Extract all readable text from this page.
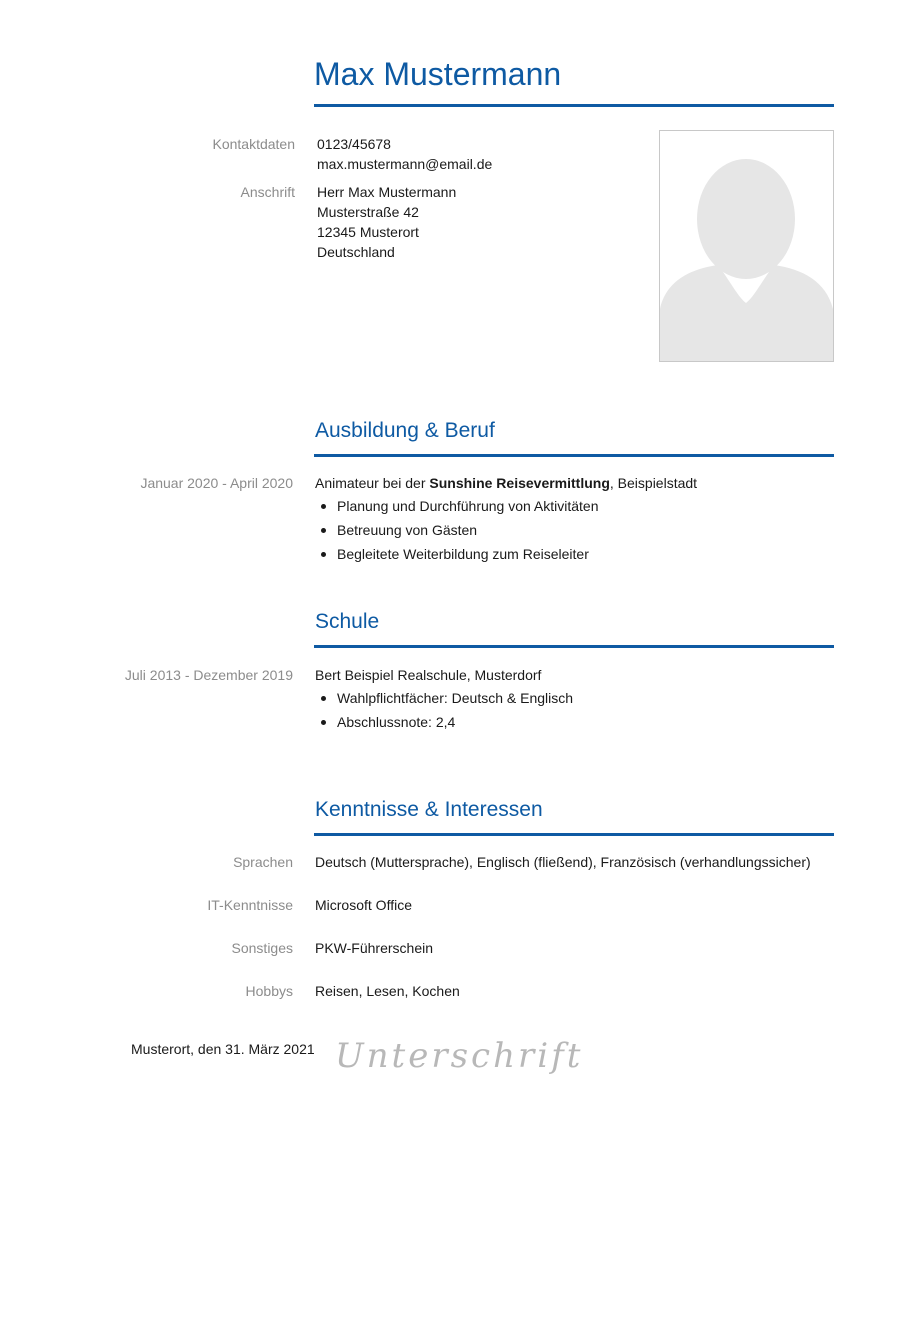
Max Mustermann
Kontaktdaten 0123/45678
max.mustermann@email.de
Anschrift Herr Max Mustermann
Musterstraße 42
12345 Musterort
Deutschland
Ausbildung & Beruf
Januar 2020 - April 2020 Animateur bei der Sunshine Reisevermittlung, Beispielstadt
Planung und Durchführung von Aktivitäten
Betreuung von Gästen
Begleitete Weiterbildung zum Reiseleiter
Schule
Juli 2013 - Dezember 2019 Bert Beispiel Realschule, Musterdorf
Wahlpflichtfächer: Deutsch & Englisch
Abschlussnote: 2,4
Kenntnisse & Interessen
Sprachen Deutsch (Muttersprache), Englisch (fließend), Französisch (verhandlungssicher)
IT-Kenntnisse Microsoft Office
Sonstiges PKW-Führerschein
Hobbys Reisen, Lesen, Kochen
Musterort, den 31. März 2021 Unterschrift
